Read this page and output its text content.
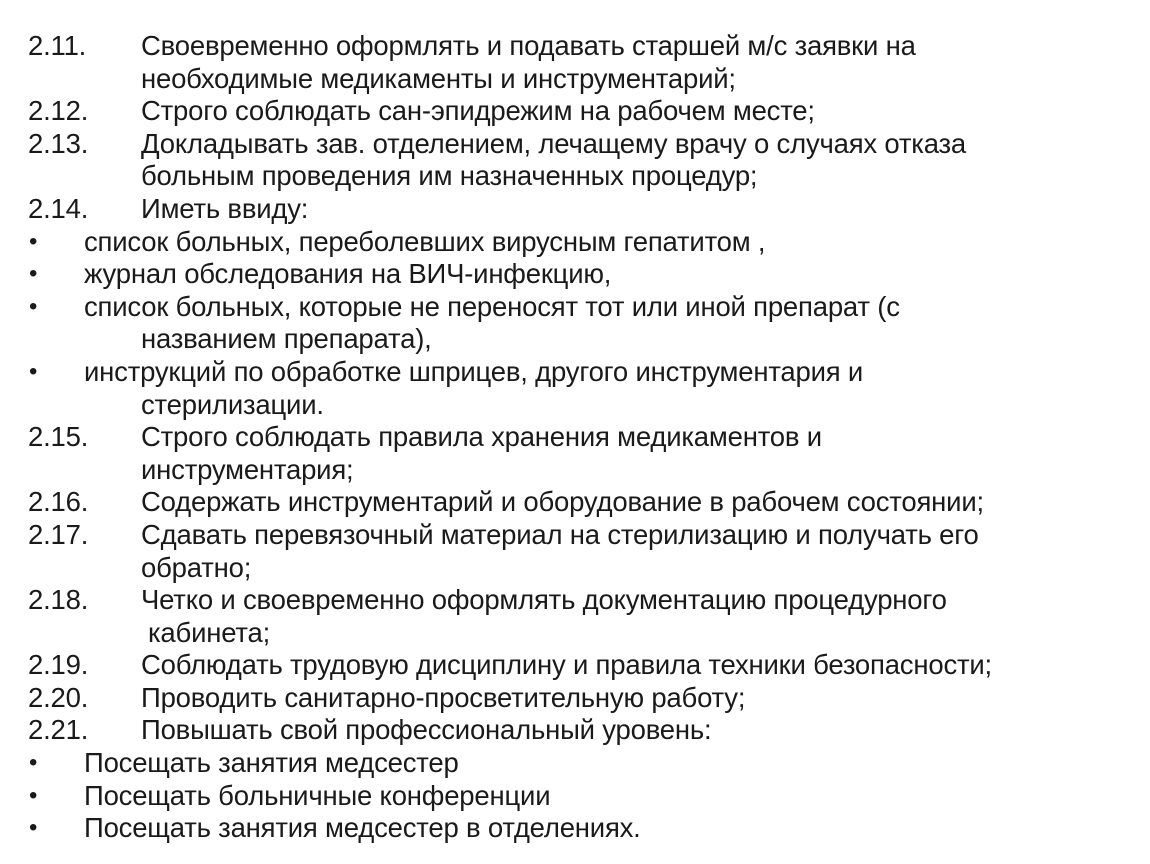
2.11. Своевременно оформлять и подавать старшей м/с заявки на
необходимые медикаменты и инструментарий;
2.12. Строго соблюдать сан-эпидрежим на рабочем месте;
2.13. Докладывать зав. отделением, лечащему врачу о случаях отказа
больным проведения им назначенных процедур;
2.14. Иметь ввиду:
• список больных, переболевших вирусным гепатитом ,
• журнал обследования на ВИЧ-инфекцию,
• список больных, которые не переносят тот или иной препарат (с
названием препарата),
• инструкций по обработке шприцев, другого инструментария и
стерилизации.
2.15. Строго соблюдать правила хранения медикаментов и
инструментария;
2.16. Содержать инструментарий и оборудование в рабочем состоянии;
2.17. Сдавать перевязочный материал на стерилизацию и получать его
обратно;
2.18. Четко и своевременно оформлять документацию процедурного
кабинета;
2.19. Соблюдать трудовую дисциплину и правила техники безопасности;
2.20. Проводить санитарно-просветительную работу;
2.21. Повышать свой профессиональный уровень:
• Посещать занятия медсестер
• Посещать больничные конференции
• Посещать занятия медсестер в отделениях.
